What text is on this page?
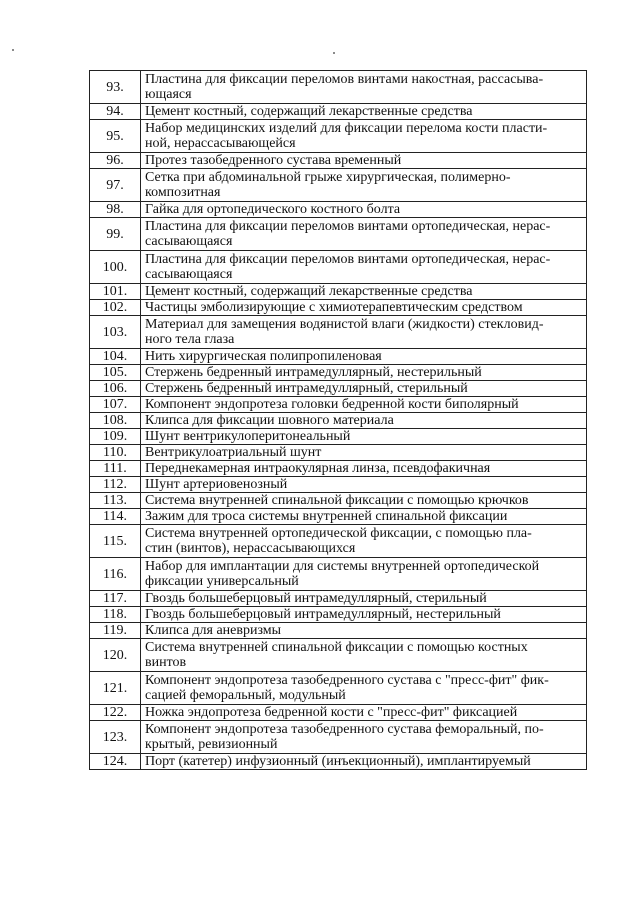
93.	Пластина для фиксации переломов винтами накостная, рассасыва-
ющаяся

94.	Цемент костный, содержащий лекарственные средства

95.	Набор медицинских изделий для фиксации перелома кости пласти-
ной, нерассасывающейся

96.	Протез тазобедренного сустава временный

97.	Сетка при абдоминальной грыже хирургическая, полимерно-
композитная

98.	Гайка для ортопедического костного болта

99.	Пластина для фиксации переломов винтами ортопедическая, нерас-
сасывающаяся

100.	Пластина для фиксации переломов винтами ортопедическая, нерас-
сасывающаяся

101.	Цемент костный, содержащий лекарственные средства

102.	Частицы эмболизирующие с химиотерапевтическим средством

103.	Материал для замещения водянистой влаги (жидкости) стекловид-
ного тела глаза

104.	Нить хирургическая полипропиленовая

105.	Стержень бедренный интрамедуллярный, нестерильный

106.	Стержень бедренный интрамедуллярный, стерильный

107.	Компонент эндопротеза головки бедренной кости биполярный

108.	Клипса для фиксации шовного материала

109.	Шунт вентрикулоперитонеальный

110.	Вентрикулоатриальный шунт

111.	Переднекамерная интраокулярная линза, псевдофакичная

112.	Шунт артериовенозный

113.	Система внутренней спинальной фиксации с помощью крючков

114.	Зажим для троса системы внутренней спинальной фиксации

115.	Система внутренней ортопедической фиксации, с помощью пла-
стин (винтов), нерассасывающихся

116.	Набор для имплантации для системы внутренней ортопедической
фиксации универсальный

117.	Гвоздь большеберцовый интрамедуллярный, стерильный

118.	Гвоздь большеберцовый интрамедуллярный, нестерильный

119.	Клипса для аневризмы

120.	Система внутренней спинальной фиксации с помощью костных
винтов

121.	Компонент эндопротеза тазобедренного сустава с "пресс-фит" фик-
сацией феморальный, модульный

122.	Ножка эндопротеза бедренной кости с "пресс-фит" фиксацией

123.	Компонент эндопротеза тазобедренного сустава феморальный, по-
крытый, ревизионный

124.	Порт (катетер) инфузионный (инъекционный), имплантируемый
